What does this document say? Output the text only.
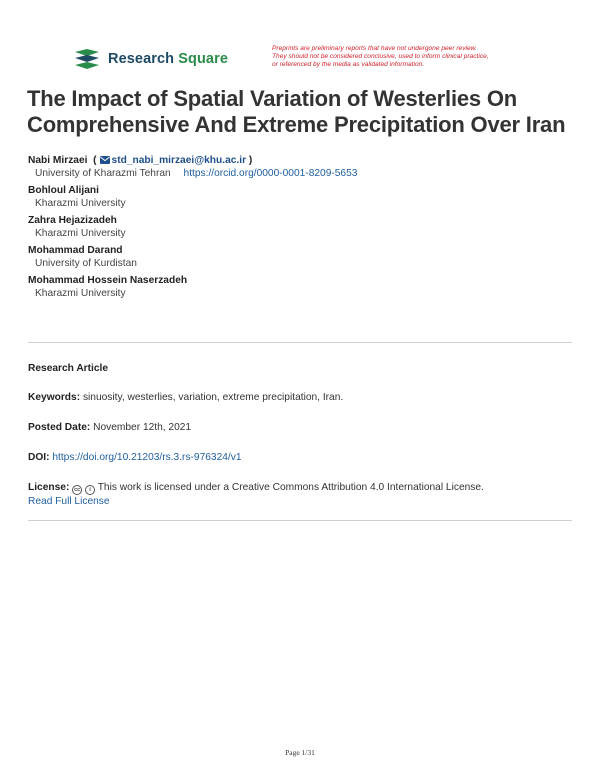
Research Square
Preprints are preliminary reports that have not undergone peer review.
They should not be considered conclusive, used to inform clinical practice,
or referenced by the media as validated information.
The Impact of Spatial Variation of Westerlies On Comprehensive And Extreme Precipitation Over Iran
Nabi Mirzaei  ( std_nabi_mirzaei@khu.ac.ir )
University of Kharazmi Tehran https://orcid.org/0000-0001-8209-5653
Bohloul Alijani
Kharazmi University
Zahra Hejazizadeh
Kharazmi University
Mohammad Darand
University of Kurdistan
Mohammad Hossein Naserzadeh
Kharazmi University
Research Article
Keywords: sinuosity, westerlies, variation, extreme precipitation, Iran.
Posted Date: November 12th, 2021
DOI: https://doi.org/10.21203/rs.3.rs-976324/v1
License: cc i This work is licensed under a Creative Commons Attribution 4.0 International License.
Read Full License
Page 1/31
